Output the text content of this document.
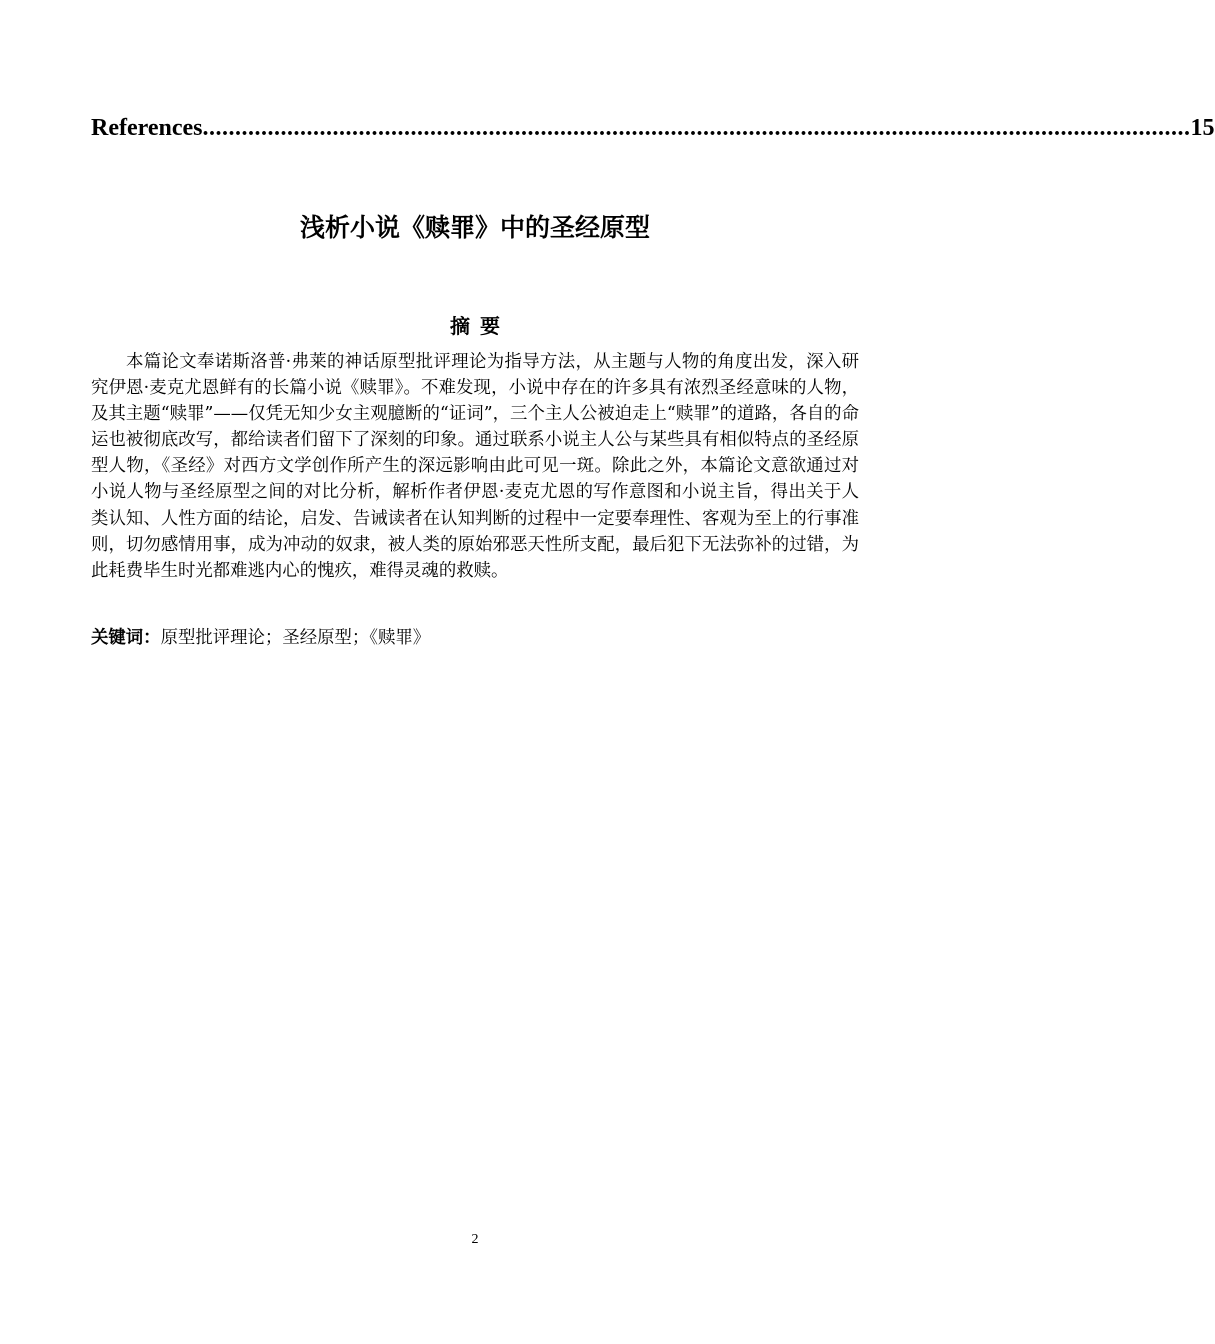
References ........................................................................................................................................................ 15
浅析小说《赎罪》中的圣经原型
摘要

本篇论文奉诺斯洛普·弗莱的神话原型批评理论为指导方法，从主题与人物的角度出发，深入研究伊恩·麦克尤恩鲜有的长篇小说《赎罪》。不难发现，小说中存在的许多具有浓烈圣经意味的人物，及其主题“赎罪”——仅凭无知少女主观臆断的“证词”，三个主人公被迫走上“赎罪”的道路，各自的命运也被彻底改写，都给读者们留下了深刻的印象。通过联系小说主人公与某些具有相似特点的圣经原型人物，《圣经》对西方文学创作所产生的深远影响由此可见一斑。除此之外，本篇论文意欲通过对小说人物与圣经原型之间的对比分析，解析作者伊恩·麦克尤恩的写作意图和小说主旨，得出关于人类认知、人性方面的结论，启发、告诫读者在认知判断的过程中一定要奉理性、客观为至上的行事准则，切勿感情用事，成为冲动的奴隶，被人类的原始邪恶天性所支配，最后犯下无法弥补的过错，为此耗费毕生时光都难逃内心的愧疚，难得灵魂的救赎。

关键词：原型批评理论；圣经原型；《赎罪》

2
